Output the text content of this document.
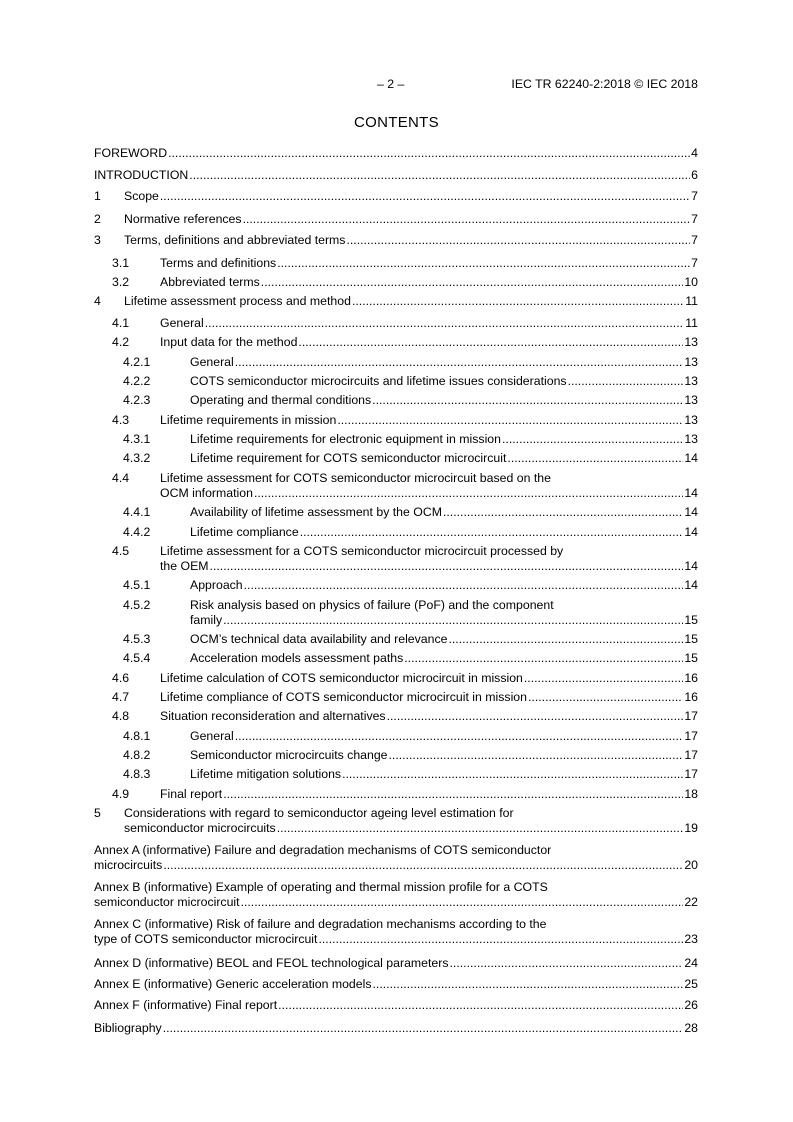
– 2 –	IEC TR 62240-2:2018 © IEC 2018
CONTENTS
FOREWORD .....	4
INTRODUCTION .....	6
1 Scope .....	7
2 Normative references .....	7
3 Terms, definitions and abbreviated terms .....	7
3.1	Terms and definitions .....	7
3.2	Abbreviated terms .....	10
4 Lifetime assessment process and method .....	11
4.1	General .....	11
4.2	Input data for the method .....	13
4.2.1	General .....	13
4.2.2	COTS semiconductor microcircuits and lifetime issues considerations .....	13
4.2.3	Operating and thermal conditions .....	13
4.3	Lifetime requirements in mission .....	13
4.3.1	Lifetime requirements for electronic equipment in mission .....	13
4.3.2	Lifetime requirement for COTS semiconductor microcircuit .....	14
4.4	Lifetime assessment for COTS semiconductor microcircuit based on the
OCM information .....	14
4.4.1	Availability of lifetime assessment by the OCM .....	14
4.4.2	Lifetime compliance .....	14
4.5	Lifetime assessment for a COTS semiconductor microcircuit processed by
the OEM .....	14
4.5.1	Approach .....	14
4.5.2	Risk analysis based on physics of failure (PoF) and the component
family .....	15
4.5.3	OCM’s technical data availability and relevance .....	15
4.5.4	Acceleration models assessment paths .....	15
4.6	Lifetime calculation of COTS semiconductor microcircuit in mission .....	16
4.7	Lifetime compliance of COTS semiconductor microcircuit in mission .....	16
4.8	Situation reconsideration and alternatives .....	17
4.8.1	General .....	17
4.8.2	Semiconductor microcircuits change .....	17
4.8.3	Lifetime mitigation solutions .....	17
4.9	Final report .....	18
5 Considerations with regard to semiconductor ageing level estimation for
semiconductor microcircuits .....	19
Annex A (informative) Failure and degradation mechanisms of COTS semiconductor
microcircuits .....	20
Annex B (informative) Example of operating and thermal mission profile for a COTS
semiconductor microcircuit .....	22
Annex C (informative) Risk of failure and degradation mechanisms according to the
type of COTS semiconductor microcircuit .....	23
Annex D (informative) BEOL and FEOL technological parameters .....	24
Annex E (informative) Generic acceleration models .....	25
Annex F (informative) Final report .....	26
Bibliography .....	28
